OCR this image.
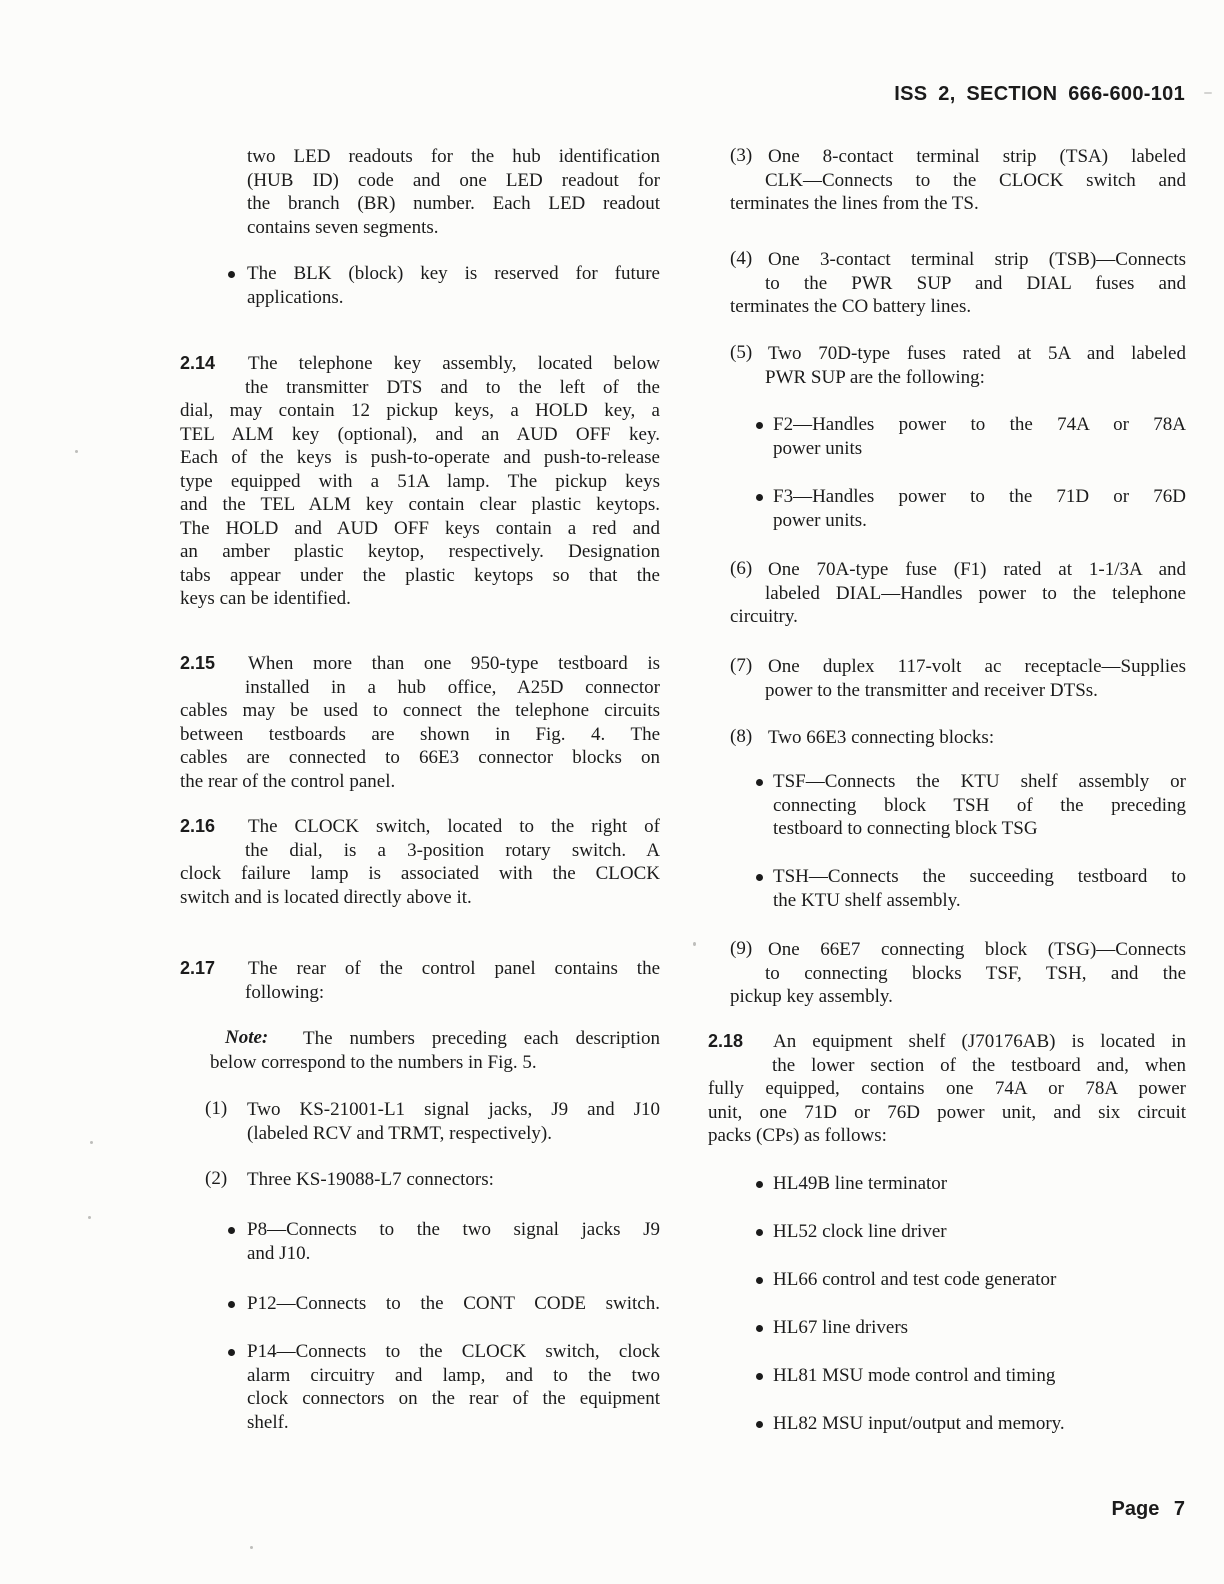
ISS 2, SECTION 666-600-101
Page 7
two LED readouts for the hub identification
(HUB ID) code and one LED readout for
the branch (BR) number. Each LED readout
contains seven segments.
The BLK (block) key is reserved for future
applications.
2.14 The telephone key assembly, located below
the transmitter DTS and to the left of the
dial, may contain 12 pickup keys, a HOLD key, a
TEL ALM key (optional), and an AUD OFF key.
Each of the keys is push-to-operate and push-to-release
type equipped with a 51A lamp. The pickup keys
and the TEL ALM key contain clear plastic keytops.
The HOLD and AUD OFF keys contain a red and
an amber plastic keytop, respectively. Designation
tabs appear under the plastic keytops so that the
keys can be identified.
2.15 When more than one 950-type testboard is
installed in a hub office, A25D connector
cables may be used to connect the telephone circuits
between testboards are shown in Fig. 4. The
cables are connected to 66E3 connector blocks on
the rear of the control panel.
2.16 The CLOCK switch, located to the right of
the dial, is a 3-position rotary switch. A
clock failure lamp is associated with the CLOCK
switch and is located directly above it.
2.17 The rear of the control panel contains the
following:
Note: The numbers preceding each description
below correspond to the numbers in Fig. 5.
(1) Two KS-21001-L1 signal jacks, J9 and J10
(labeled RCV and TRMT, respectively).
(2) Three KS-19088-L7 connectors:
P8—Connects to the two signal jacks J9
and J10.
P12—Connects to the CONT CODE switch.
P14—Connects to the CLOCK switch, clock
alarm circuitry and lamp, and to the two
clock connectors on the rear of the equipment
shelf.
(3) One 8-contact terminal strip (TSA) labeled
CLK—Connects to the CLOCK switch and
terminates the lines from the TS.
(4) One 3-contact terminal strip (TSB)—Connects
to the PWR SUP and DIAL fuses and
terminates the CO battery lines.
(5) Two 70D-type fuses rated at 5A and labeled
PWR SUP are the following:
F2—Handles power to the 74A or 78A
power units
F3—Handles power to the 71D or 76D
power units.
(6) One 70A-type fuse (F1) rated at 1-1/3A and
labeled DIAL—Handles power to the telephone
circuitry.
(7) One duplex 117-volt ac receptacle—Supplies
power to the transmitter and receiver DTSs.
(8) Two 66E3 connecting blocks:
TSF—Connects the KTU shelf assembly or
connecting block TSH of the preceding
testboard to connecting block TSG
TSH—Connects the succeeding testboard to
the KTU shelf assembly.
(9) One 66E7 connecting block (TSG)—Connects
to connecting blocks TSF, TSH, and the
pickup key assembly.
2.18 An equipment shelf (J70176AB) is located in
the lower section of the testboard and, when
fully equipped, contains one 74A or 78A power
unit, one 71D or 76D power unit, and six circuit
packs (CPs) as follows:
HL49B line terminator
HL52 clock line driver
HL66 control and test code generator
HL67 line drivers
HL81 MSU mode control and timing
HL82 MSU input/output and memory.
